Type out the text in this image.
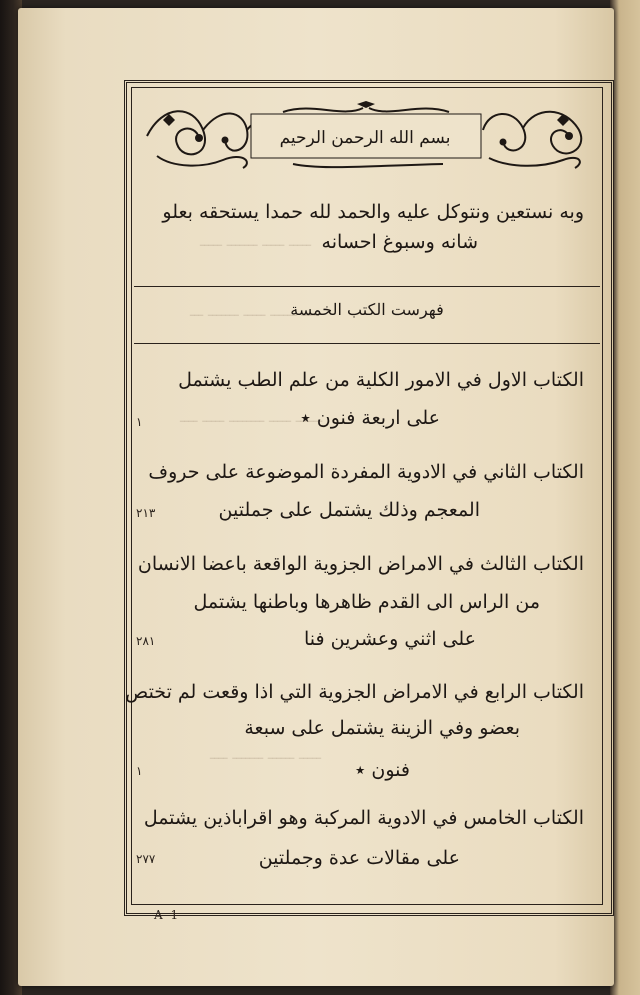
ـــــ ـــــ ـــــــ ـــــ
ــــ ــــــ ـــــ ـــــــ ـــ
ــــــ ـــــ ــــــــ ـــــ ــــ
ـــــ ــــــ ـــــــ ــــ
بسم الله الرحمن الرحيم
وبه نستعين ونتوكل عليه والحمد لله حمدا يستحقه بعلو
شانه وسبوغ احسانه
فهرست الكتب الخمسة
الكتاب الاول في الامور الكلية من علم الطب يشتمل
على اربعة فنون ٭
١
الكتاب الثاني في الادوية المفردة الموضوعة على حروف
المعجم وذلك يشتمل على جملتين
٢١٣
الكتاب الثالث في الامراض الجزوية الواقعة باعضا الانسان
من الراس الى القدم ظاهرها وباطنها يشتمل
على اثني وعشرين فنا
٢٨١
الكتاب الرابع في الامراض الجزوية التي اذا وقعت لم تختص
بعضو وفي الزينة يشتمل على سبعة
فنون ٭
١
الكتاب الخامس في الادوية المركبة وهو اقراباذين يشتمل
على مقالات عدة وجملتين
٢٧٧
A 1
